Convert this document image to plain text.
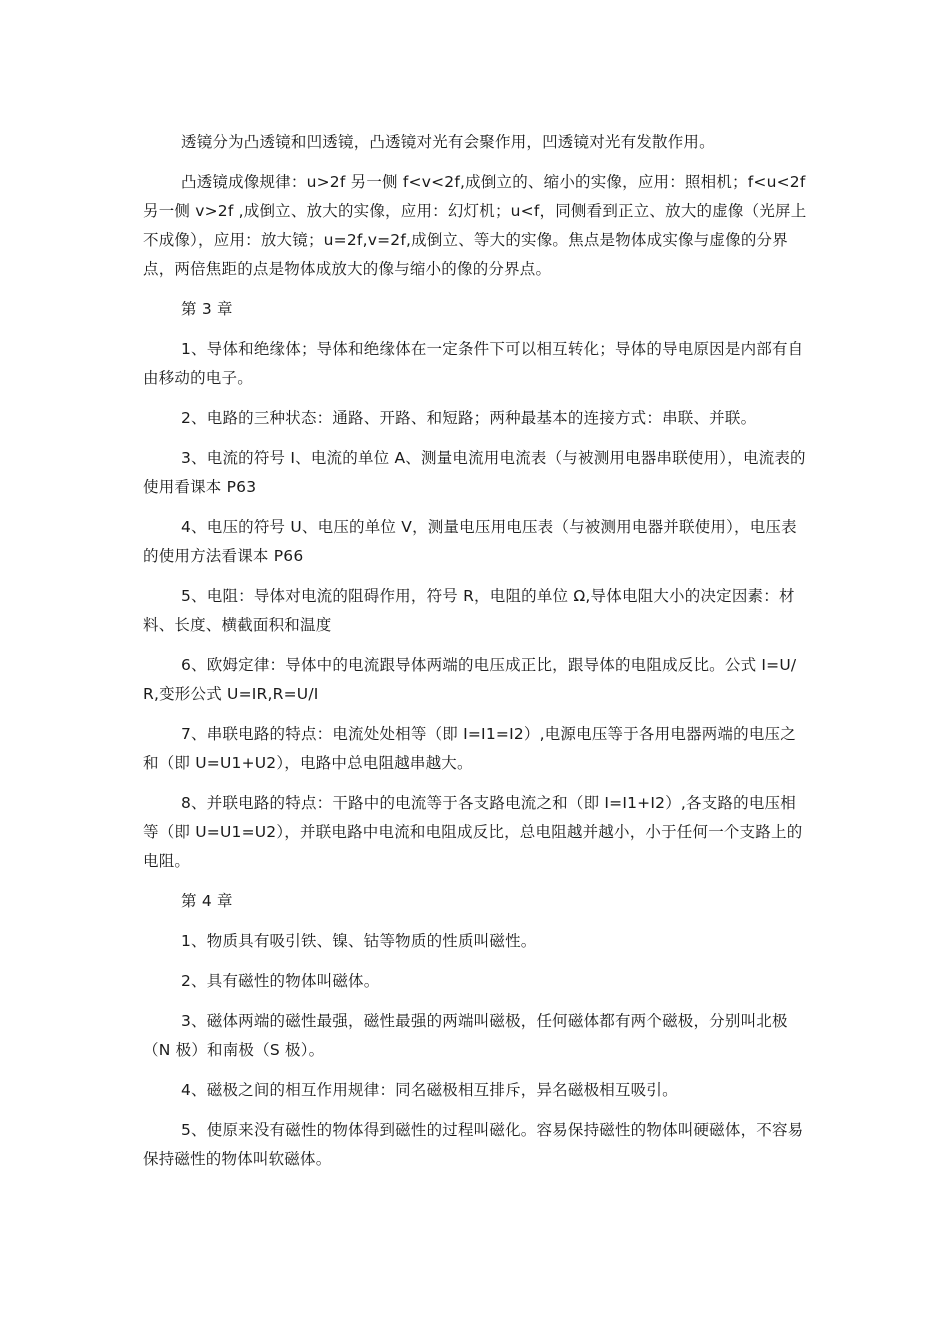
透镜分为凸透镜和凹透镜，凸透镜对光有会聚作用，凹透镜对光有发散作用。

凸透镜成像规律：u>2f 另一侧 f<v<2f,成倒立的、缩小的实像，应用：照相机；f<u<2f 另一侧 v>2f ,成倒立、放大的实像，应用：幻灯机；u<f，同侧看到正立、放大的虚像（光屏上不成像），应用：放大镜；u=2f,v=2f,成倒立、等大的实像。焦点是物体成实像与虚像的分界点，两倍焦距的点是物体成放大的像与缩小的像的分界点。

第 3 章

1、导体和绝缘体；导体和绝缘体在一定条件下可以相互转化；导体的导电原因是内部有自由移动的电子。

2、电路的三种状态：通路、开路、和短路；两种最基本的连接方式：串联、并联。

3、电流的符号 I、电流的单位 A、测量电流用电流表（与被测用电器串联使用），电流表的使用看课本 P63

4、电压的符号 U、电压的单位 V，测量电压用电压表（与被测用电器并联使用），电压表的使用方法看课本 P66

5、电阻：导体对电流的阻碍作用，符号 R，电阻的单位 Ω,导体电阻大小的决定因素：材料、长度、横截面积和温度

6、欧姆定律：导体中的电流跟导体两端的电压成正比，跟导体的电阻成反比。公式 I=U/R,变形公式 U=IR,R=U/I

7、串联电路的特点：电流处处相等（即 I=I1=I2）,电源电压等于各用电器两端的电压之和（即 U=U1+U2），电路中总电阻越串越大。

8、并联电路的特点：干路中的电流等于各支路电流之和（即 I=I1+I2）,各支路的电压相等（即 U=U1=U2），并联电路中电流和电阻成反比，总电阻越并越小，小于任何一个支路上的电阻。

第 4 章

1、物质具有吸引铁、镍、钴等物质的性质叫磁性。

2、具有磁性的物体叫磁体。

3、磁体两端的磁性最强，磁性最强的两端叫磁极，任何磁体都有两个磁极，分别叫北极（N 极）和南极（S 极）。

4、磁极之间的相互作用规律：同名磁极相互排斥，异名磁极相互吸引。

5、使原来没有磁性的物体得到磁性的过程叫磁化。容易保持磁性的物体叫硬磁体，不容易保持磁性的物体叫软磁体。
